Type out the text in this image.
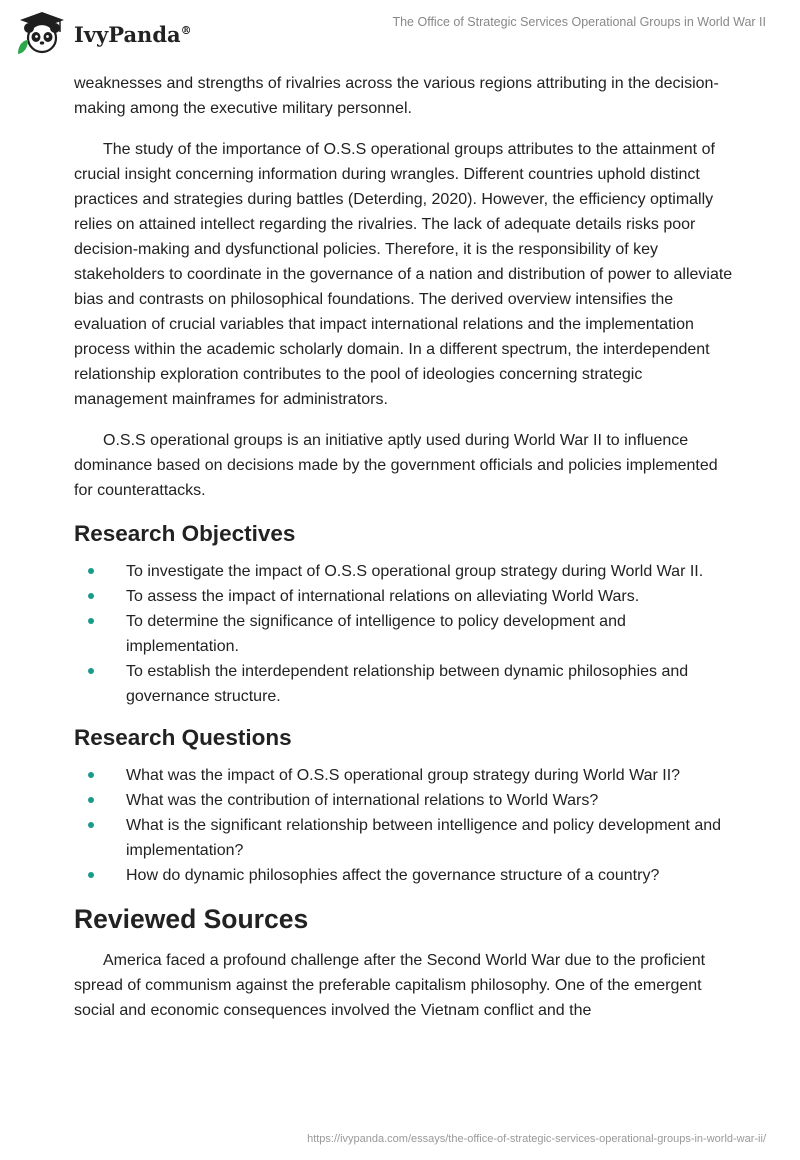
IvyPanda®
The Office of Strategic Services Operational Groups in World War II

weaknesses and strengths of rivalries across the various regions attributing in the decision-making among the executive military personnel.

The study of the importance of O.S.S operational groups attributes to the attainment of crucial insight concerning information during wrangles. Different countries uphold distinct practices and strategies during battles (Deterding, 2020). However, the efficiency optimally relies on attained intellect regarding the rivalries. The lack of adequate details risks poor decision-making and dysfunctional policies. Therefore, it is the responsibility of key stakeholders to coordinate in the governance of a nation and distribution of power to alleviate bias and contrasts on philosophical foundations. The derived overview intensifies the evaluation of crucial variables that impact international relations and the implementation process within the academic scholarly domain. In a different spectrum, the interdependent relationship exploration contributes to the pool of ideologies concerning strategic management mainframes for administrators.

O.S.S operational groups is an initiative aptly used during World War II to influence dominance based on decisions made by the government officials and policies implemented for counterattacks.

Research Objectives
To investigate the impact of O.S.S operational group strategy during World War II.
To assess the impact of international relations on alleviating World Wars.
To determine the significance of intelligence to policy development and implementation.
To establish the interdependent relationship between dynamic philosophies and governance structure.
Research Questions
What was the impact of O.S.S operational group strategy during World War II?
What was the contribution of international relations to World Wars?
What is the significant relationship between intelligence and policy development and implementation?
How do dynamic philosophies affect the governance structure of a country?
Reviewed Sources

America faced a profound challenge after the Second World War due to the proficient spread of communism against the preferable capitalism philosophy. One of the emergent social and economic consequences involved the Vietnam conflict and the

https://ivypanda.com/essays/the-office-of-strategic-services-operational-groups-in-world-war-ii/
